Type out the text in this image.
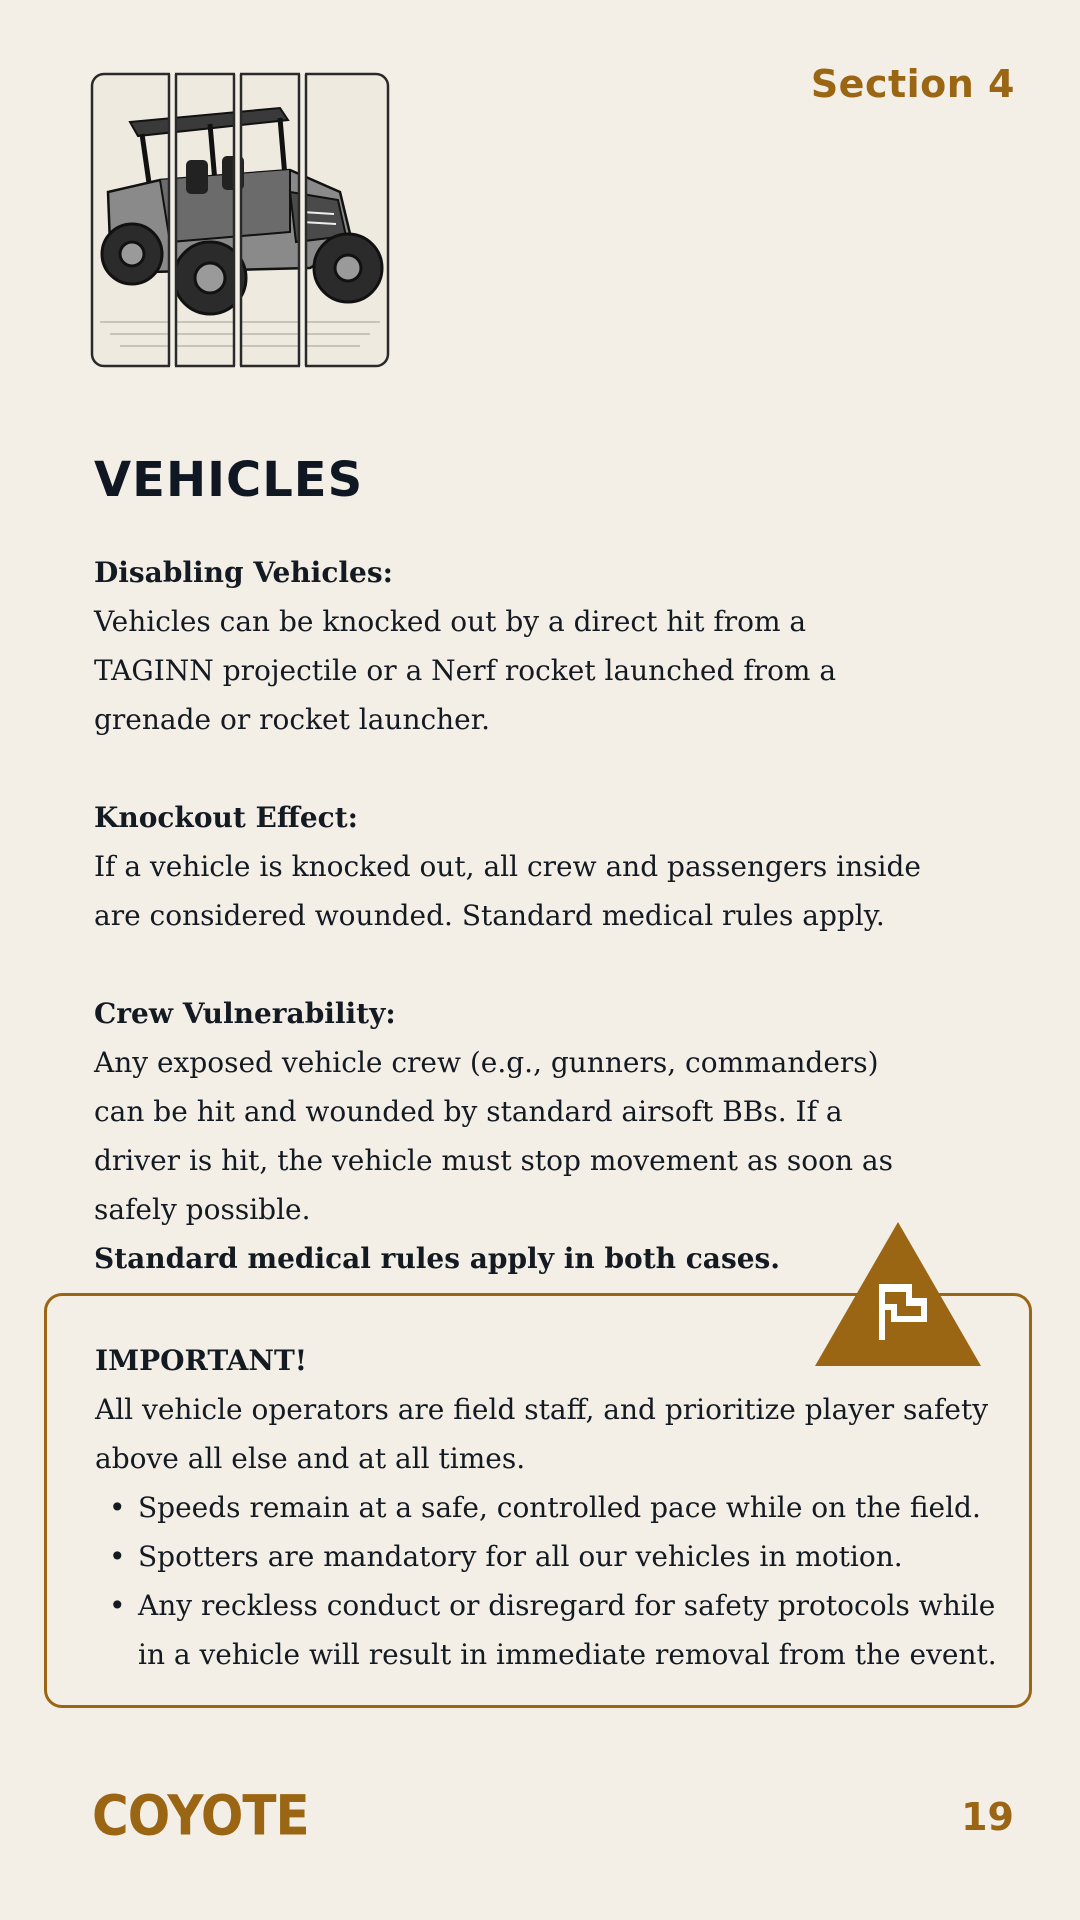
Section 4
VEHICLES
Disabling Vehicles:
Vehicles can be knocked out by a direct hit from a TAGINN projectile or a Nerf rocket launched from a grenade or rocket launcher.
Knockout Effect:
If a vehicle is knocked out, all crew and passengers inside are considered wounded. Standard medical rules apply.
Crew Vulnerability:
Any exposed vehicle crew (e.g., gunners, commanders) can be hit and wounded by standard airsoft BBs. If a driver is hit, the vehicle must stop movement as soon as safely possible.
Standard medical rules apply in both cases.
IMPORTANT!
All vehicle operators are field staff, and prioritize player safety above all else and at all times.
• Speeds remain at a safe, controlled pace while on the field.
• Spotters are mandatory for all our vehicles in motion.
• Any reckless conduct or disregard for safety protocols while in a vehicle will result in immediate removal from the event.
COYOTE	19
